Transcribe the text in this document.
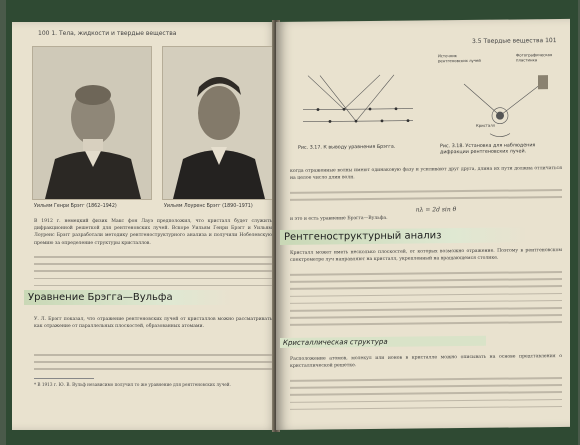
100 1. Тела, жидкости и твердые вещества
Уильям Генри Брэгг (1862–1942)	Уильям Лоуренс Брэгг (1890–1971)
В 1912 г. немецкий физик Макс фон Лауэ предположил, что кристалл будет служить дифракционной решеткой для рентгеновских лучей. Вскоре Уильям Генри Брэгг и Уильям Лоуренс Брэгг разработали методику рентгеноструктурного анализа и получили Нобелевскую премию за определение структуры кристаллов.
Уравнение Брэгга—Вульфа
У. Л. Брэгг показал, что отражение рентгеновских лучей от кристаллов можно рассматривать как отражение от параллельных плоскостей, образованных атомами.
* В 1913 г. Ю. В. Вульф независимо получил то же уравнение для рентгеновских лучей.
3.5 Твердые вещества 101
Рис. 3.17. К выводу уравнения Брэгга.
Источник рентгеновских лучей
Фотографическая пластинка
Кристалл
Рис. 3.18. Установка для наблюдения дифракции рентгеновских лучей.
когда отраженные волны имеют одинаковую фазу и усиливают друг друга, длина их пути должна отличаться на целое число длин волн.
nλ = 2d sin θ
и это и есть уравнение Брэгга—Вульфа.
Рентгеноструктурный анализ
Кристалл может иметь несколько плоскостей, от которых возможно отражение. Поэтому в рентгеновском спектрометре луч направляют на кристалл, укрепленный на вращающемся столике.
Кристаллическая структура
Расположение атомов, молекул или ионов в кристалле можно описывать на основе представления о кристаллической решетке.
